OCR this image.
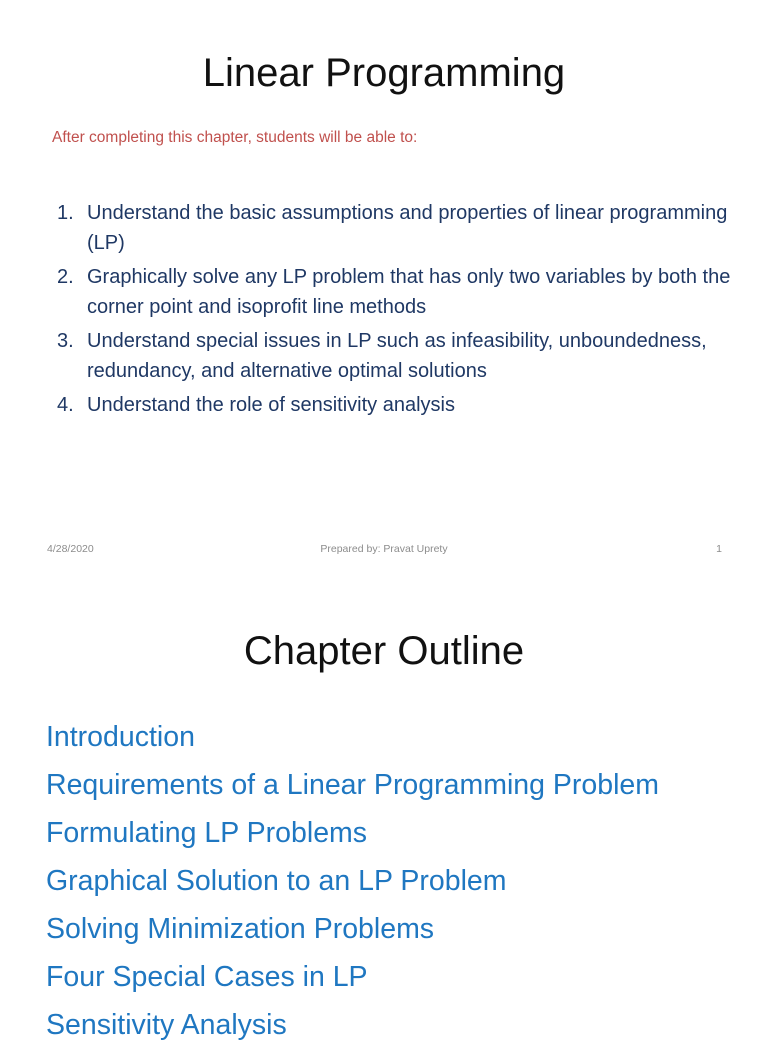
Linear Programming
After completing this chapter, students will be able to:
1. Understand the basic assumptions and properties of linear programming (LP)
2. Graphically solve any LP problem that has only two variables by both the corner point and isoprofit line methods
3. Understand special issues in LP such as infeasibility, unboundedness, redundancy, and alternative optimal solutions
4. Understand the role of sensitivity analysis
4/28/2020	Prepared by: Pravat Uprety	1
Chapter Outline
Introduction
Requirements of a Linear Programming Problem
Formulating LP Problems
Graphical Solution to an LP Problem
Solving Minimization Problems
Four Special Cases in LP
Sensitivity Analysis
